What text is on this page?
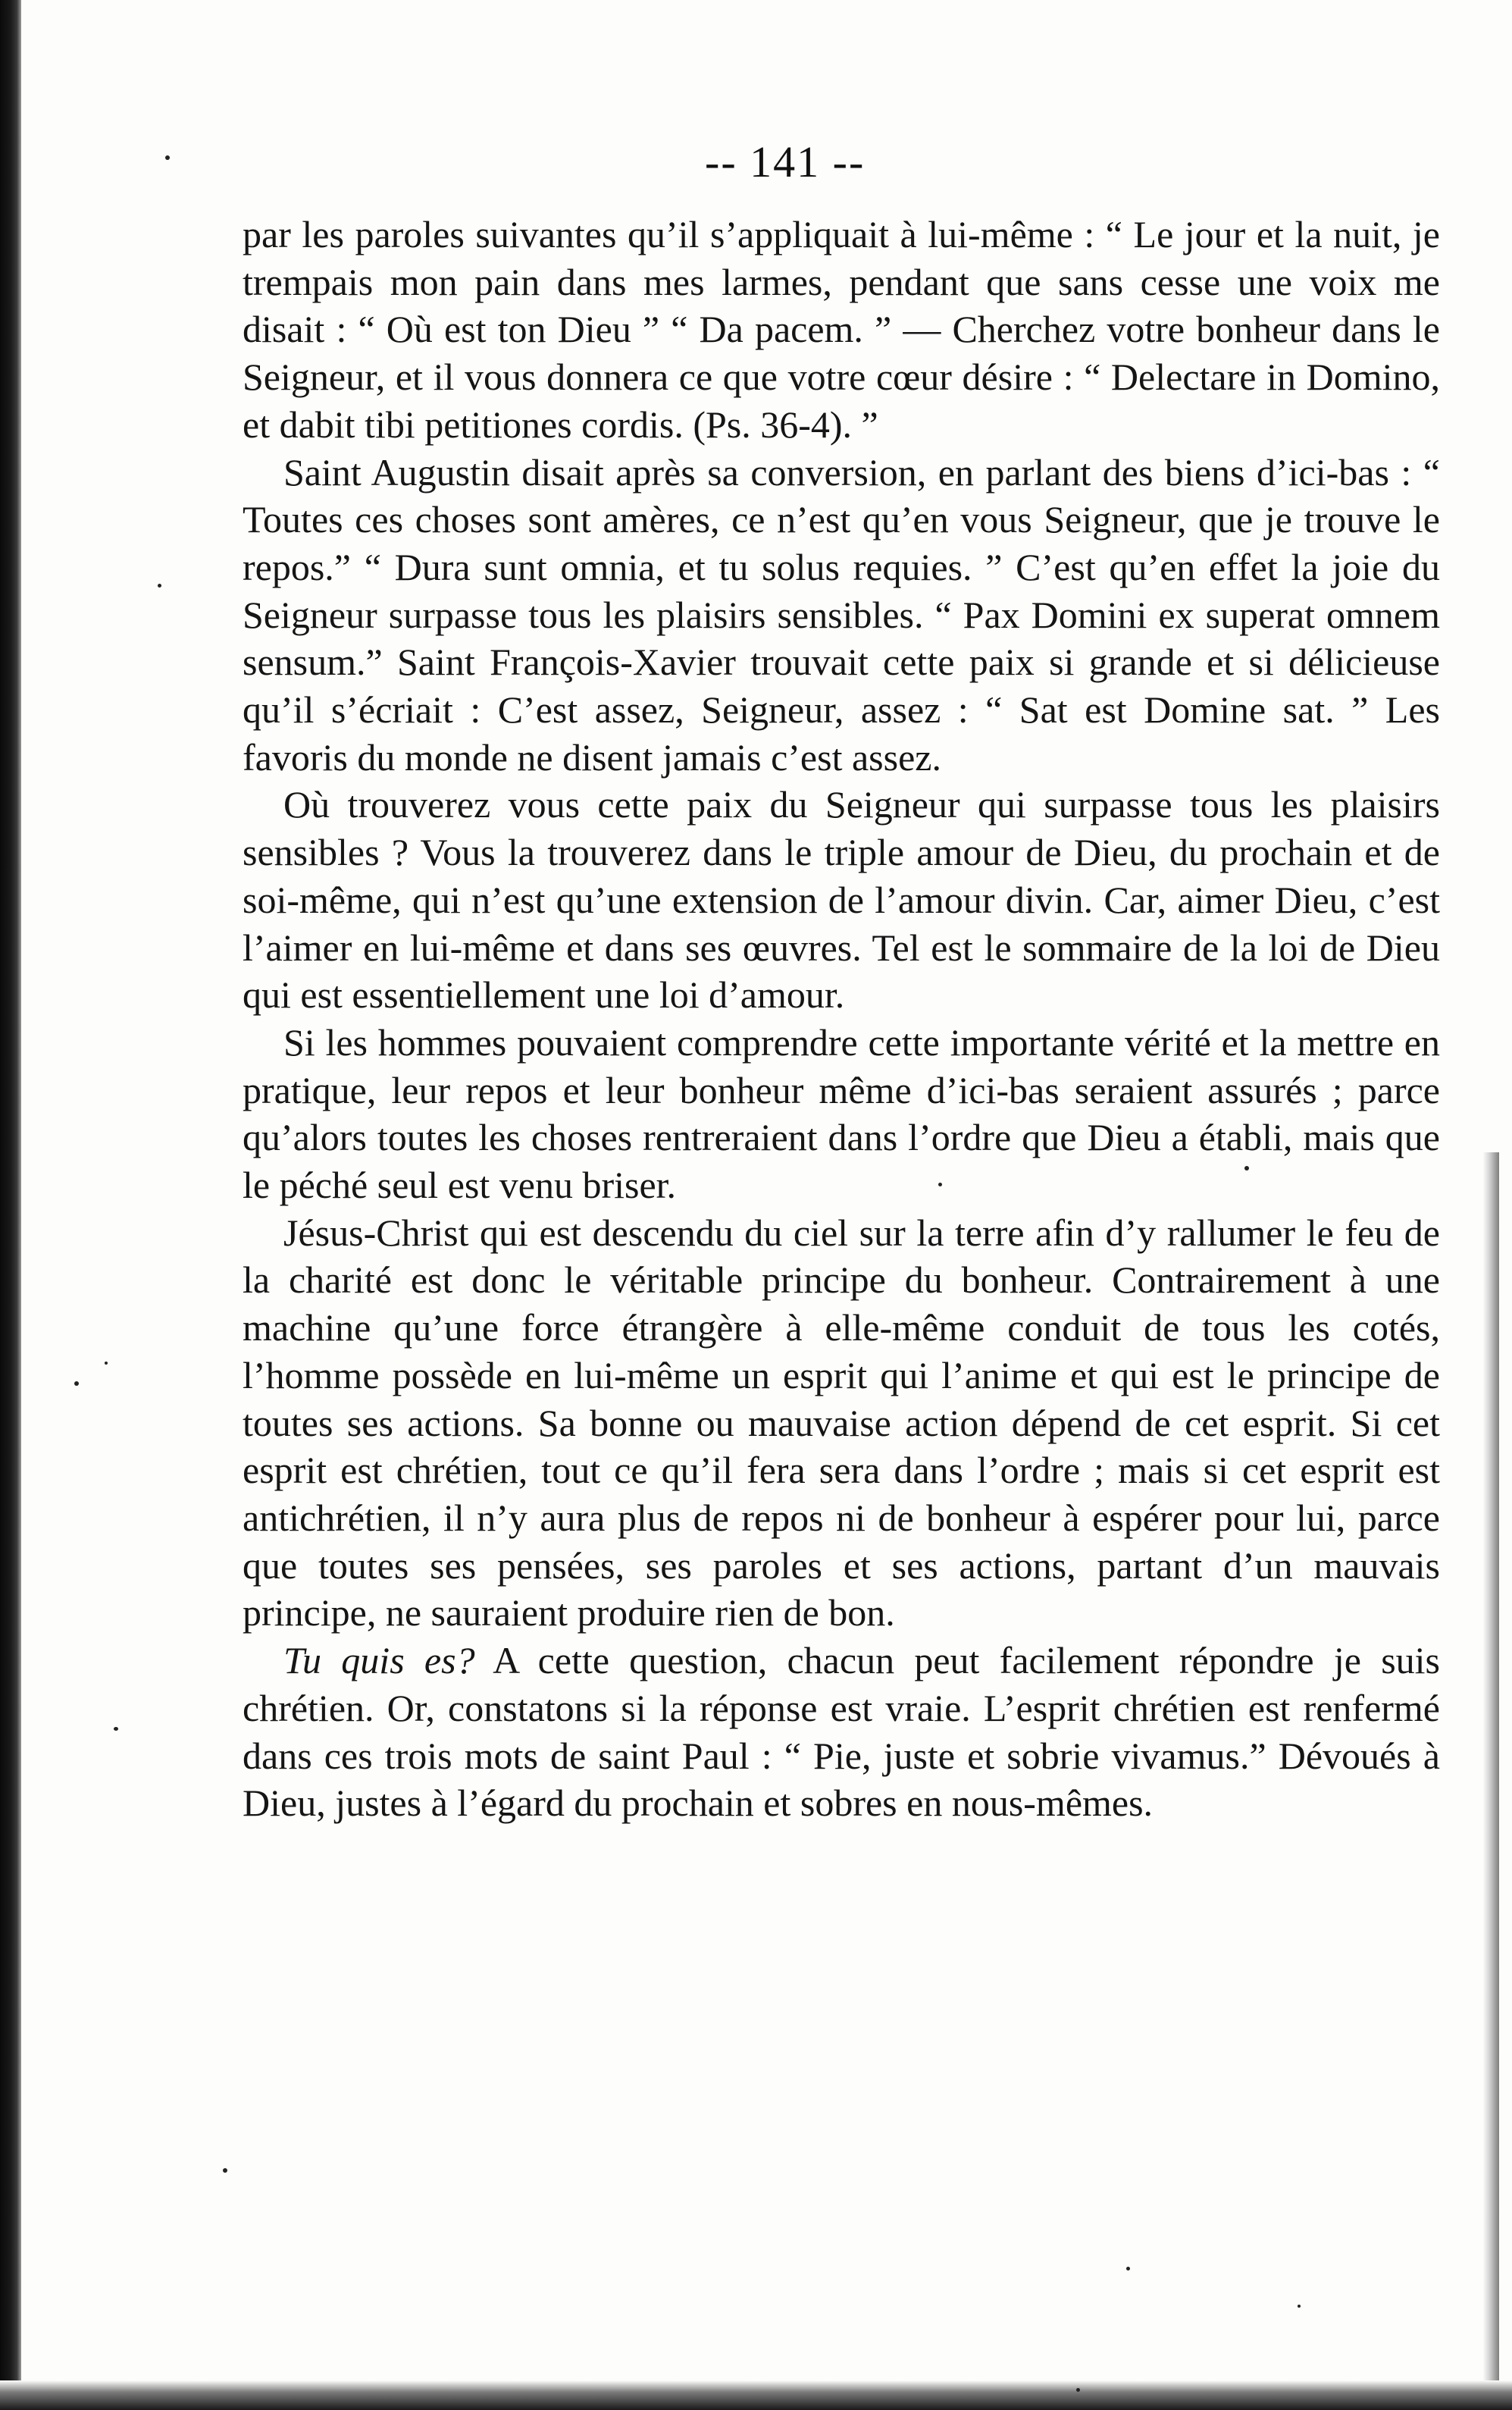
-- 141 --

par les paroles suivantes qu’il s’appliquait à lui-même : “ Le jour et la nuit, je trempais mon pain dans mes larmes, pendant que sans cesse une voix me disait : “ Où est ton Dieu ” “ Da pacem. ” — Cherchez votre bonheur dans le Seigneur, et il vous donnera ce que votre cœur désire : “ Delectare in Domino, et dabit tibi petitiones cordis. (Ps. 36-4). ”

Saint Augustin disait après sa conversion, en parlant des biens d’ici-bas : “ Toutes ces choses sont amères, ce n’est qu’en vous Seigneur, que je trouve le repos.” “ Dura sunt omnia, et tu solus requies. ” C’est qu’en effet la joie du Seigneur surpasse tous les plaisirs sensibles. “ Pax Domini ex superat omnem sensum.” Saint François-Xavier trouvait cette paix si grande et si délicieuse qu’il s’écriait : C’est assez, Seigneur, assez : “ Sat est Domine sat. ” Les favoris du monde ne disent jamais c’est assez.

Où trouverez vous cette paix du Seigneur qui surpasse tous les plaisirs sensibles ? Vous la trouverez dans le triple amour de Dieu, du prochain et de soi-même, qui n’est qu’une extension de l’amour divin. Car, aimer Dieu, c’est l’aimer en lui-même et dans ses œuvres. Tel est le sommaire de la loi de Dieu qui est essentiellement une loi d’amour.

Si les hommes pouvaient comprendre cette importante vérité et la mettre en pratique, leur repos et leur bonheur même d’ici-bas seraient assurés ; parce qu’alors toutes les choses rentreraient dans l’ordre que Dieu a établi, mais que le péché seul est venu briser.

Jésus-Christ qui est descendu du ciel sur la terre afin d’y rallumer le feu de la charité est donc le véritable principe du bonheur. Contrairement à une machine qu’une force étrangère à elle-même conduit de tous les cotés, l’homme possède en lui-même un esprit qui l’anime et qui est le principe de toutes ses actions. Sa bonne ou mauvaise action dépend de cet esprit. Si cet esprit est chrétien, tout ce qu’il fera sera dans l’ordre ; mais si cet esprit est antichrétien, il n’y aura plus de repos ni de bonheur à espérer pour lui, parce que toutes ses pensées, ses paroles et ses actions, partant d’un mauvais principe, ne sauraient produire rien de bon.

Tu quis es? A cette question, chacun peut facilement répondre je suis chrétien. Or, constatons si la réponse est vraie. L’esprit chrétien est renfermé dans ces trois mots de saint Paul : “ Pie, juste et sobrie vivamus.” Dévoués à Dieu, justes à l’égard du prochain et sobres en nous-mêmes.
